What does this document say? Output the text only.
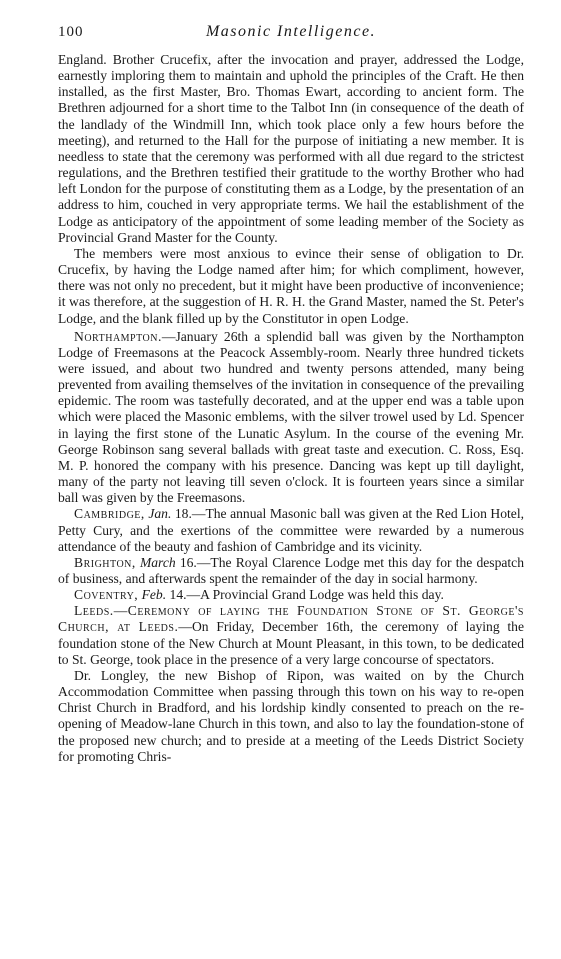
100	Masonic Intelligence.

England. Brother Crucefix, after the invocation and prayer, addressed the Lodge, earnestly imploring them to maintain and uphold the principles of the Craft. He then installed, as the first Master, Bro. Thomas Ewart, according to ancient form. The Brethren adjourned for a short time to the Talbot Inn (in consequence of the death of the landlady of the Windmill Inn, which took place only a few hours before the meeting), and returned to the Hall for the purpose of initiating a new member. It is needless to state that the ceremony was performed with all due regard to the strictest regulations, and the Brethren testified their gratitude to the worthy Brother who had left London for the purpose of constituting them as a Lodge, by the presentation of an address to him, couched in very appropriate terms. We hail the establishment of the Lodge as anticipatory of the appointment of some leading member of the Society as Provincial Grand Master for the County.

The members were most anxious to evince their sense of obligation to Dr. Crucefix, by having the Lodge named after him; for which compliment, however, there was not only no precedent, but it might have been productive of inconvenience; it was therefore, at the suggestion of H. R. H. the Grand Master, named the St. Peter's Lodge, and the blank filled up by the Constitutor in open Lodge.

Northampton.—January 26th a splendid ball was given by the Northampton Lodge of Freemasons at the Peacock Assembly-room. Nearly three hundred tickets were issued, and about two hundred and twenty persons attended, many being prevented from availing themselves of the invitation in consequence of the prevailing epidemic. The room was tastefully decorated, and at the upper end was a table upon which were placed the Masonic emblems, with the silver trowel used by Ld. Spencer in laying the first stone of the Lunatic Asylum. In the course of the evening Mr. George Robinson sang several ballads with great taste and execution. C. Ross, Esq. M. P. honored the company with his presence. Dancing was kept up till daylight, many of the party not leaving till seven o'clock. It is fourteen years since a similar ball was given by the Freemasons.

Cambridge, Jan. 18.—The annual Masonic ball was given at the Red Lion Hotel, Petty Cury, and the exertions of the committee were rewarded by a numerous attendance of the beauty and fashion of Cambridge and its vicinity.

Brighton, March 16.—The Royal Clarence Lodge met this day for the despatch of business, and afterwards spent the remainder of the day in social harmony.

Coventry, Feb. 14.—A Provincial Grand Lodge was held this day.

Leeds.—Ceremony of laying the Foundation Stone of St. George's Church, at Leeds.—On Friday, December 16th, the ceremony of laying the foundation stone of the New Church at Mount Pleasant, in this town, to be dedicated to St. George, took place in the presence of a very large concourse of spectators.

Dr. Longley, the new Bishop of Ripon, was waited on by the Church Accommodation Committee when passing through this town on his way to re-open Christ Church in Bradford, and his lordship kindly consented to preach on the re-opening of Meadow-lane Church in this town, and also to lay the foundation-stone of the proposed new church; and to preside at a meeting of the Leeds District Society for promoting Chris-
